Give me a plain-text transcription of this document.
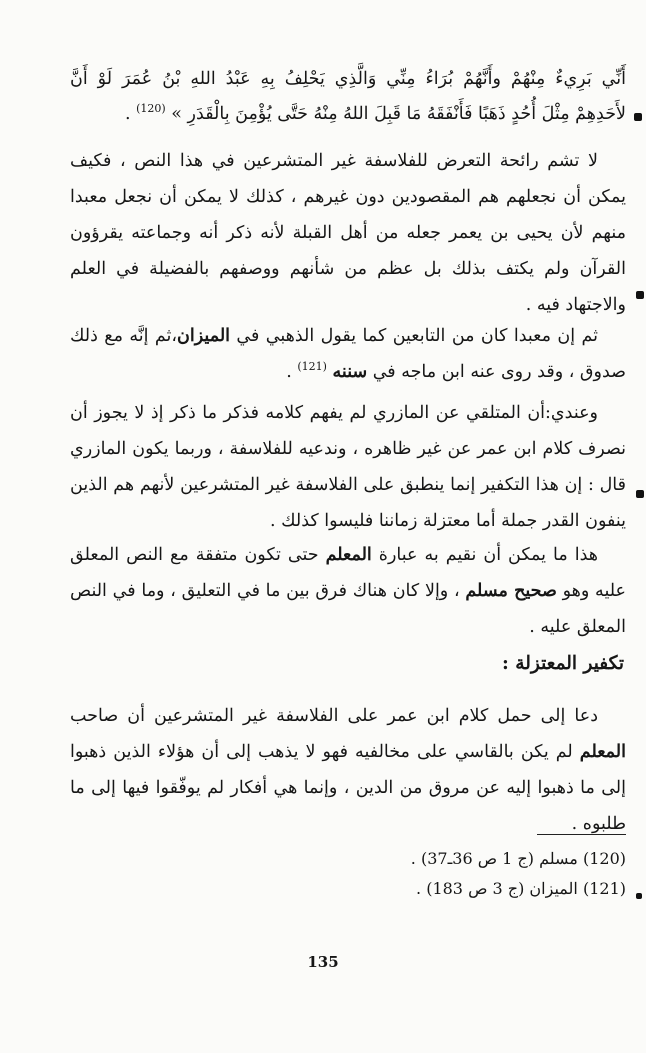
أَنِّي بَرِيءٌ مِنْهُمْ وأَنَّهُمْ بُرَاءُ مِنِّي وَالَّذِي يَحْلِفُ بِهِ عَبْدُ اللهِ بْنُ عُمَرَ لَوْ أَنَّ
لأَحَدِهِمْ مِثْلَ أُحُدٍ ذَهَبًا فَأَنْفَقَهُ مَا قَبِلَ اللهُ مِنْهُ حَتَّى يُؤْمِنَ بِالْقَدَرِ » $^{(120)}$ .
لا تشم رائحة التعرض للفلاسفة غير المتشرعين في هذا النص ، فكيف يمكن أن نجعلهم هم المقصودين دون غيرهم ، كذلك لا يمكن أن نجعل معبدا منهم لأن يحيى بن يعمر جعله من أهل القبلة لأنه ذكر أنه وجماعته يقرؤون القرآن ولم يكتف بذلك بل عظم من شأنهم ووصفهم بالفضيلة في العلم والاجتهاد فيه .
ثم إن معبدا كان من التابعين كما يقول الذهبي في الميزان،ثم إنَّه مع ذلك صدوق ، وقد روى عنه ابن ماجه في سننه $^{(121)}$ .
وعندي:أن المتلقي عن المازري لم يفهم كلامه فذكر ما ذكر إذ لا يجوز أن نصرف كلام ابن عمر عن غير ظاهره ، وندعيه للفلاسفة ، وربما يكون المازري قال : إن هذا التكفير إنما ينطبق على الفلاسفة غير المتشرعين لأنهم هم الذين ينفون القدر جملة أما معتزلة زماننا فليسوا كذلك .
هذا ما يمكن أن نقيم به عبارة المعلم حتى تكون متفقة مع النص المعلق عليه وهو صحيح مسلم ، وإلا كان هناك فرق بين ما في التعليق ، وما في النص المعلق عليه .
تكفير المعتزلة :
دعا إلى حمل كلام ابن عمر على الفلاسفة غير المتشرعين أن صاحب المعلم لم يكن بالقاسي على مخالفيه فهو لا يذهب إلى أن هؤلاء الذين ذهبوا إلى ما ذهبوا إليه عن مروق من الدين ، وإنما هي أفكار لم يوفّقوا فيها إلى ما طلبوه .
(120) مسلم (ج 1 ص 36ـ37) .
(121) الميزان (ج 3 ص 183) .
135
